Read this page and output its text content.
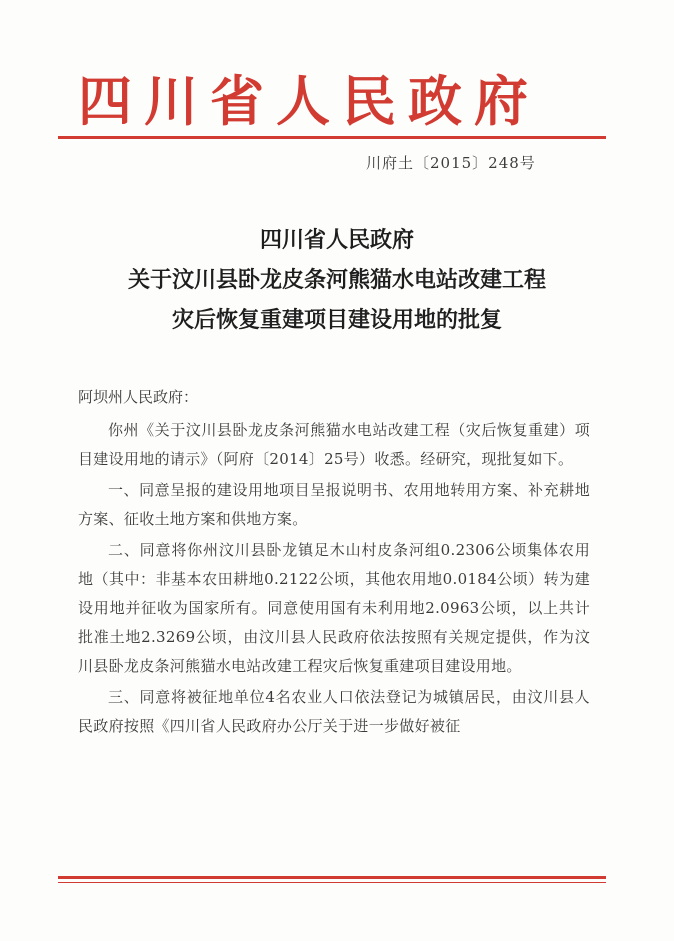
四川省人民政府
川府土〔2015〕248号
四川省人民政府
关于汶川县卧龙皮条河熊猫水电站改建工程
灾后恢复重建项目建设用地的批复

阿坝州人民政府：

你州《关于汶川县卧龙皮条河熊猫水电站改建工程（灾后恢复重建）项目建设用地的请示》（阿府〔2014〕25号）收悉。经研究，现批复如下。

一、同意呈报的建设用地项目呈报说明书、农用地转用方案、补充耕地方案、征收土地方案和供地方案。

二、同意将你州汶川县卧龙镇足木山村皮条河组0.2306公顷集体农用地（其中：非基本农田耕地0.2122公顷，其他农用地0.0184公顷）转为建设用地并征收为国家所有。同意使用国有未利用地2.0963公顷，以上共计批准土地2.3269公顷，由汶川县人民政府依法按照有关规定提供，作为汶川县卧龙皮条河熊猫水电站改建工程灾后恢复重建项目建设用地。

三、同意将被征地单位4名农业人口依法登记为城镇居民，由汶川县人民政府按照《四川省人民政府办公厅关于进一步做好被征
